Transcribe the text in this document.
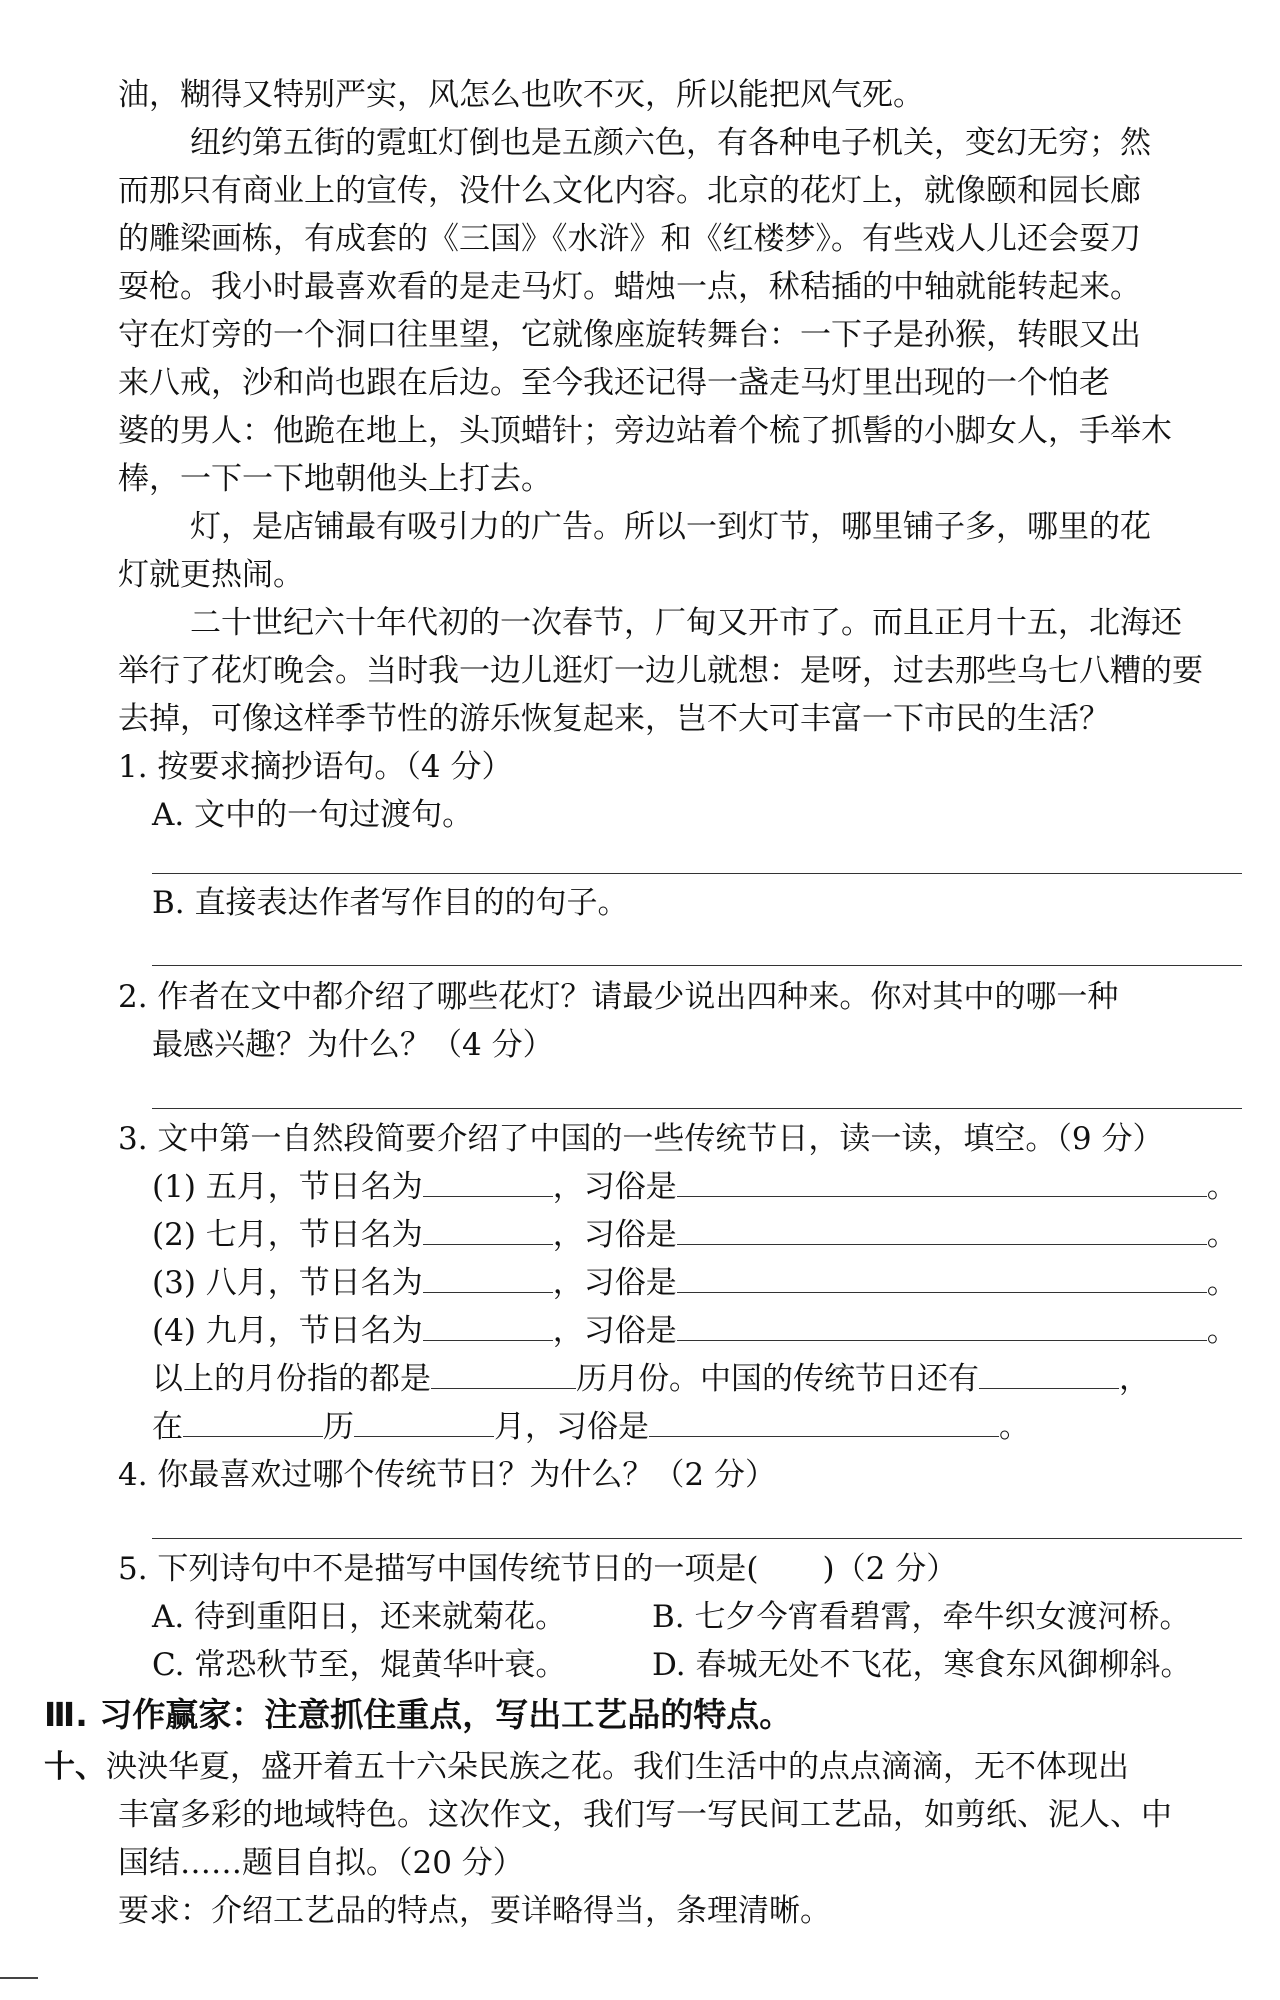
油，糊得又特别严实，风怎么也吹不灭，所以能把风气死。
纽约第五街的霓虹灯倒也是五颜六色，有各种电子机关，变幻无穷；然
而那只有商业上的宣传，没什么文化内容。北京的花灯上，就像颐和园长廊
的雕梁画栋，有成套的《三国》《水浒》和《红楼梦》。有些戏人儿还会耍刀
耍枪。我小时最喜欢看的是走马灯。蜡烛一点，秫秸插的中轴就能转起来。
守在灯旁的一个洞口往里望，它就像座旋转舞台：一下子是孙猴，转眼又出
来八戒，沙和尚也跟在后边。至今我还记得一盏走马灯里出现的一个怕老
婆的男人：他跪在地上，头顶蜡针；旁边站着个梳了抓髻的小脚女人，手举木
棒，一下一下地朝他头上打去。
灯，是店铺最有吸引力的广告。所以一到灯节，哪里铺子多，哪里的花
灯就更热闹。
二十世纪六十年代初的一次春节，厂甸又开市了。而且正月十五，北海还
举行了花灯晚会。当时我一边儿逛灯一边儿就想：是呀，过去那些乌七八糟的要
去掉，可像这样季节性的游乐恢复起来，岂不大可丰富一下市民的生活？
1. 按要求摘抄语句。（4 分）
A. 文中的一句过渡句。
B. 直接表达作者写作目的的句子。
2. 作者在文中都介绍了哪些花灯？请最少说出四种来。你对其中的哪一种
最感兴趣？为什么？（4 分）
3. 文中第一自然段简要介绍了中国的一些传统节日，读一读，填空。（9 分）
(1) 五月，节日名为	，习俗是	。
(2) 七月，节日名为	，习俗是	。
(3) 八月，节日名为	，习俗是	。
(4) 九月，节日名为	，习俗是	。
以上的月份指的都是	历月份。中国的传统节日还有	，
在	历	月，习俗是	。
4. 你最喜欢过哪个传统节日？为什么？（2 分）
5. 下列诗句中不是描写中国传统节日的一项是( )（2 分）
A. 待到重阳日，还来就菊花。	B. 七夕今宵看碧霄，牵牛织女渡河桥。
C. 常恐秋节至，焜黄华叶衰。	D. 春城无处不飞花，寒食东风御柳斜。
Ⅲ. 习作赢家：注意抓住重点，写出工艺品的特点。
十、泱泱华夏，盛开着五十六朵民族之花。我们生活中的点点滴滴，无不体现出
丰富多彩的地域特色。这次作文，我们写一写民间工艺品，如剪纸、泥人、中
国结……题目自拟。（20 分）
要求：介绍工艺品的特点，要详略得当，条理清晰。
